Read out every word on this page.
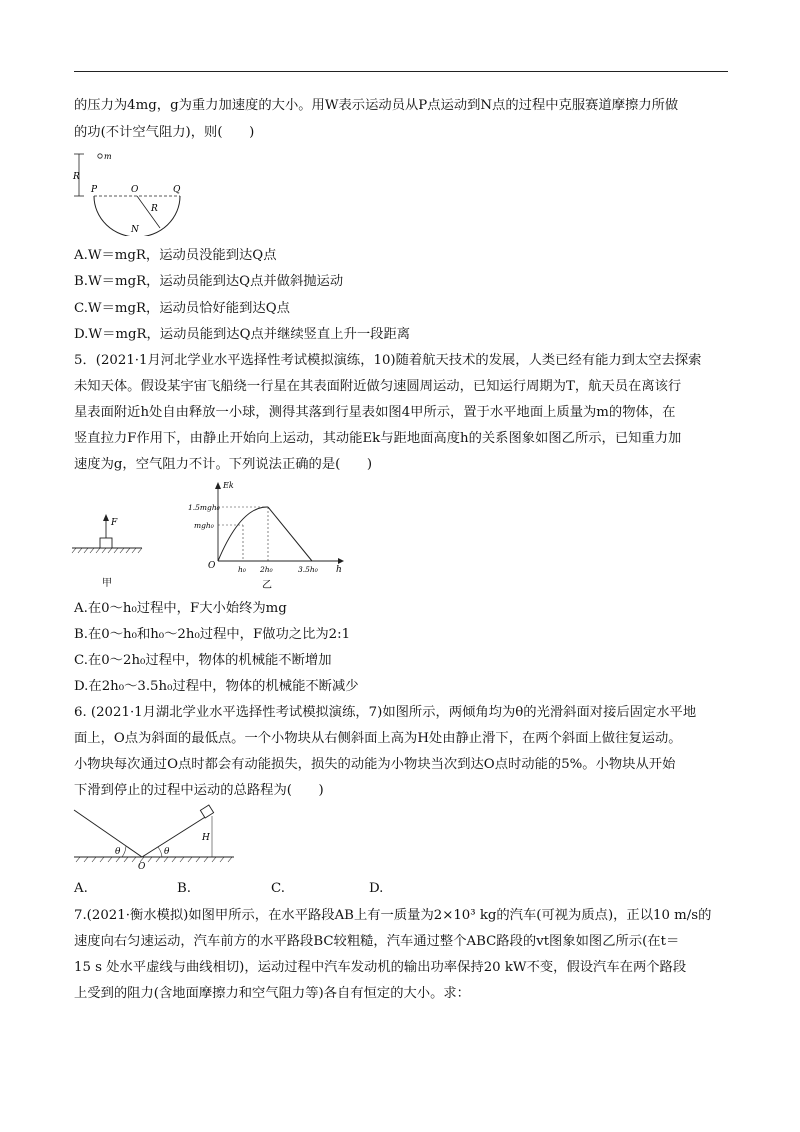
的压力为4mg，g为重力加速度的大小。用W表示运动员从P点运动到N点的过程中克服赛道摩擦力所做
的功(不计空气阻力)，则(　　)
m
R
P	O	Q
R
N
A.W＝mgR，运动员没能到达Q点
B.W＝mgR，运动员能到达Q点并做斜抛运动
C.W＝mgR，运动员恰好能到达Q点
D.W＝mgR，运动员能到达Q点并继续竖直上升一段距离
5．(2021·1月河北学业水平选择性考试模拟演练，10)随着航天技术的发展，人类已经有能力到太空去探索
未知天体。假设某宇宙飞船绕一行星在其表面附近做匀速圆周运动，已知运行周期为T，航天员在离该行
星表面附近h处自由释放一小球，测得其落到行星表如图4甲所示，置于水平地面上质量为m的物体，在
竖直拉力F作用下，由静止开始向上运动，其动能Ek与距地面高度h的关系图象如图乙所示，已知重力加
速度为g，空气阻力不计。下列说法正确的是(　　)
F
甲
Ek
1.5mgh₀
mgh₀
O	h₀ 2h₀	3.5h₀ h
乙
A.在0～h₀过程中，F大小始终为mg
B.在0～h₀和h₀～2h₀过程中，F做功之比为2:1
C.在0～2h₀过程中，物体的机械能不断增加
D.在2h₀～3.5h₀过程中，物体的机械能不断减少
6. (2021·1月湖北学业水平选择性考试模拟演练，7)如图所示，两倾角均为θ的光滑斜面对接后固定水平地
面上，O点为斜面的最低点。一个小物块从右侧斜面上高为H处由静止滑下，在两个斜面上做往复运动。
小物块每次通过O点时都会有动能损失，损失的动能为小物块当次到达O点时动能的5%。小物块从开始
下滑到停止的过程中运动的总路程为(　　)
H
θ	θ
O
A.	B.	C.	D.
7.(2021·衡水模拟)如图甲所示，在水平路段AB上有一质量为2×10³ kg的汽车(可视为质点)，正以10 m/s的
速度向右匀速运动，汽车前方的水平路段BC较粗糙，汽车通过整个ABC路段的vt图象如图乙所示(在t＝
15 s 处水平虚线与曲线相切)，运动过程中汽车发动机的输出功率保持20 kW不变，假设汽车在两个路段
上受到的阻力(含地面摩擦力和空气阻力等)各自有恒定的大小。求：
